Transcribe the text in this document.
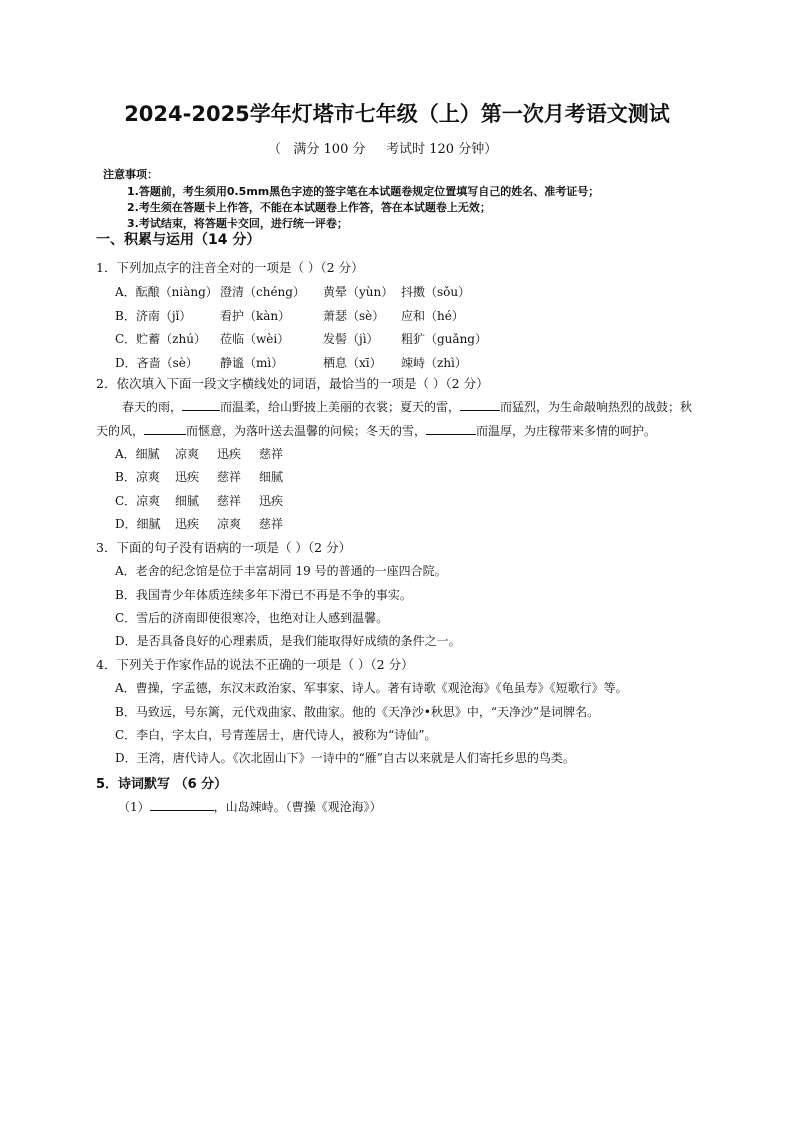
2024-2025学年灯塔市七年级（上）第一次月考语文测试
（   满分 100 分     考试时 120 分钟）
注意事项：
1.答题前，考生须用0.5mm黑色字迹的签字笔在本试题卷规定位置填写自己的姓名、准考证号；
2.考生须在答题卡上作答，不能在本试题卷上作答，答在本试题卷上无效；
3.考试结束，将答题卡交回，进行统一评卷；
一、积累与运用（14 分）
1．下列加点字的注音全对的一项是（ ）（2 分）
A．酝酿（niàng） 澄清（chéng） 黄晕（yùn） 抖擞（sǒu）
B．济南（jǐ） 看护（kàn）	萧瑟（sè） 应和（hé）
C．贮蓄（zhú） 莅临（wèi）	发髻（jì） 粗犷（guǎng）
D．吝啬（sè） 静谧（mì）	栖息（xī） 竦峙（zhì）
2．依次填入下面一段文字横线处的词语，最恰当的一项是（ ）（2 分）
春天的雨，	而温柔，给山野披上美丽的衣裳；夏天的雷，	而猛烈，为生命敲响热烈的战鼓；秋
天的风，	而惬意，为落叶送去温馨的问候；冬天的雪，	而温厚，为庄稼带来多情的呵护。
A．细腻 凉爽 迅疾 慈祥
B．凉爽 迅疾 慈祥 细腻
C．凉爽 细腻 慈祥 迅疾
D．细腻 迅疾 凉爽 慈祥
3．下面的句子没有语病的一项是（ ）（2 分）
A．老舍的纪念馆是位于丰富胡同 19 号的普通的一座四合院。
B．我国青少年体质连续多年下滑已不再是不争的事实。
C．雪后的济南即使很寒冷，也绝对让人感到温馨。
D．是否具备良好的心理素质，是我们能取得好成绩的条件之一。
4．下列关于作家作品的说法不正确的一项是（ ）（2 分）
A．曹操，字孟德，东汉末政治家、军事家、诗人。著有诗歌《观沧海》《龟虽寿》《短歌行》等。
B．马致远，号东篱，元代戏曲家、散曲家。他的《天净沙•秋思》中，“天净沙”是词牌名。
C．李白，字太白，号青莲居士，唐代诗人，被称为“诗仙”。
D．王湾，唐代诗人。《次北固山下》一诗中的“雁”自古以来就是人们寄托乡思的鸟类。
5．诗词默写 （6 分）
（1）	，山岛竦峙。（曹操《观沧海》）
